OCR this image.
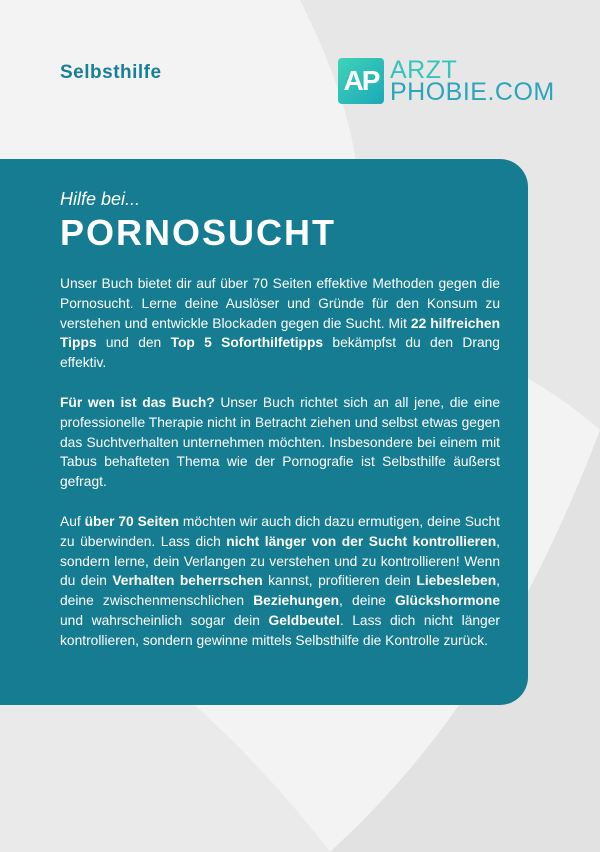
Selbsthilfe	AP ARZT
PHOBIE.COM

Hilfe bei...

PORNOSUCHT

Unser Buch bietet dir auf über 70 Seiten effektive Methoden gegen die Pornosucht. Lerne deine Auslöser und Gründe für den Konsum zu verstehen und entwickle Blockaden gegen die Sucht. Mit 22 hilfreichen Tipps und den Top 5 Soforthilfetipps bekämpfst du den Drang effektiv.

Für wen ist das Buch? Unser Buch richtet sich an all jene, die eine professionelle Therapie nicht in Betracht ziehen und selbst etwas gegen das Suchtverhalten unternehmen möchten. Insbesondere bei einem mit Tabus behafteten Thema wie der Pornografie ist Selbsthilfe äußerst gefragt.

Auf über 70 Seiten möchten wir auch dich dazu ermutigen, deine Sucht zu überwinden. Lass dich nicht länger von der Sucht kontrollieren, sondern lerne, dein Verlangen zu verstehen und zu kontrollieren! Wenn du dein Verhalten beherrschen kannst, profitieren dein Liebesleben, deine zwischenmenschlichen Beziehungen, deine Glückshormone und wahrscheinlich sogar dein Geldbeutel. Lass dich nicht länger kontrollieren, sondern gewinne mittels Selbsthilfe die Kontrolle zurück.
